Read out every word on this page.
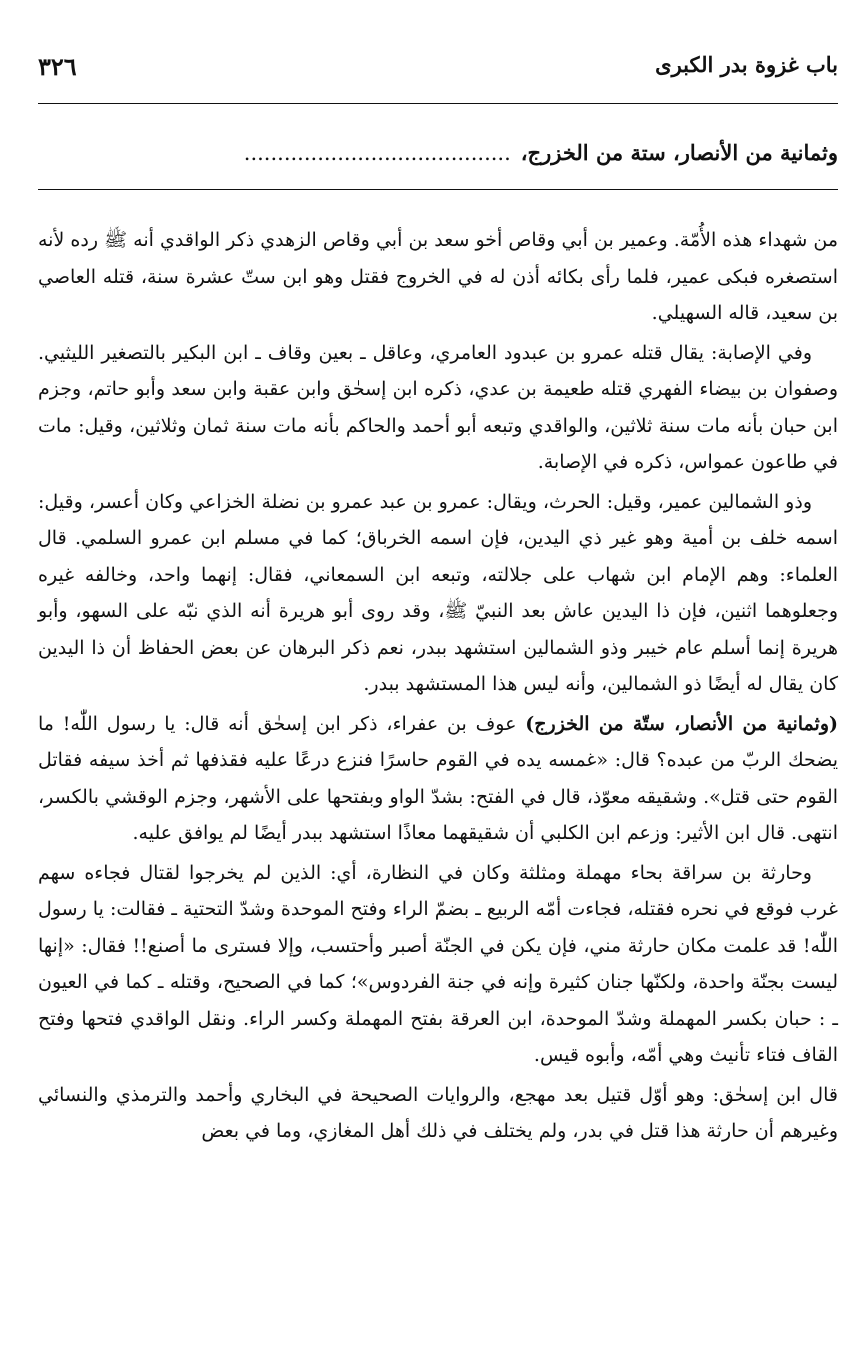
باب غزوة بدر الكبرى
٣٢٦
وثمانية من الأنصار، ستة من الخزرج،........................................

من شهداء هذه الأُمّة. وعمير بن أبي وقاص أخو سعد بن أبي وقاص الزهدي ذكر الواقدي أنه ﷺ رده لأنه استصغره فبكى عمير، فلما رأى بكائه أذن له في الخروج فقتل وهو ابن ستّ عشرة سنة، قتله العاصي بن سعيد، قاله السهيلي.

وفي الإصابة: يقال قتله عمرو بن عبدود العامري، وعاقل ـ بعين وقاف ـ ابن البكير بالتصغير الليثيي. وصفوان بن بيضاء الفهري قتله طعيمة بن عدي، ذكره ابن إسحٰق وابن عقبة وابن سعد وأبو حاتم، وجزم ابن حبان بأنه مات سنة ثلاثين، والواقدي وتبعه أبو أحمد والحاكم بأنه مات سنة ثمان وثلاثين، وقيل: مات في طاعون عمواس، ذكره في الإصابة.

وذو الشمالين عمير، وقيل: الحرث، ويقال: عمرو بن عبد عمرو بن نضلة الخزاعي وكان أعسر، وقيل: اسمه خلف بن أمية وهو غير ذي اليدين، فإن اسمه الخرباق؛ كما في مسلم ابن عمرو السلمي. قال العلماء: وهم الإمام ابن شهاب على جلالته، وتبعه ابن السمعاني، فقال: إنهما واحد، وخالفه غيره وجعلوهما اثنين، فإن ذا اليدين عاش بعد النبيّ ﷺ، وقد روى أبو هريرة أنه الذي نبّه على السهو، وأبو هريرة إنما أسلم عام خيبر وذو الشمالين استشهد ببدر، نعم ذكر البرهان عن بعض الحفاظ أن ذا اليدين كان يقال له أيضًا ذو الشمالين، وأنه ليس هذا المستشهد ببدر.

(وثمانية من الأنصار، ستّة من الخزرج) عوف بن عفراء، ذكر ابن إسحٰق أنه قال: يا رسول اللّٰه! ما يضحك الربّ من عبده؟ قال: «غمسه يده في القوم حاسرًا فنزع درعًا عليه فقذفها ثم أخذ سيفه فقاتل القوم حتى قتل». وشقيقه معوّذ، قال في الفتح: بشدّ الواو وبفتحها على الأشهر، وجزم الوقشي بالكسر، انتهى. قال ابن الأثير: وزعم ابن الكلبي أن شقيقهما معاذًا استشهد ببدر أيضًا لم يوافق عليه.

وحارثة بن سراقة بحاء مهملة ومثلثة وكان في النظارة، أي: الذين لم يخرجوا لقتال فجاءه سهم غرب فوقع في نحره فقتله، فجاءت أمّه الربيع ـ بضمّ الراء وفتح الموحدة وشدّ التحتية ـ فقالت: يا رسول اللّٰه! قد علمت مكان حارثة مني، فإن يكن في الجنّة أصبر وأحتسب، وإلا فسترى ما أصنع!! فقال: «إنها ليست بجنّة واحدة، ولكنّها جنان كثيرة وإنه في جنة الفردوس»؛ كما في الصحيح، وقتله ـ كما في العيون ـ : حبان بكسر المهملة وشدّ الموحدة، ابن العرقة بفتح المهملة وكسر الراء. ونقل الواقدي فتحها وفتح القاف فتاء تأنيث وهي أمّه، وأبوه قيس.

قال ابن إسحٰق: وهو أوّل قتيل بعد مهجع، والروايات الصحيحة في البخاري وأحمد والترمذي والنسائي وغيرهم أن حارثة هذا قتل في بدر، ولم يختلف في ذلك أهل المغازي، وما في بعض
